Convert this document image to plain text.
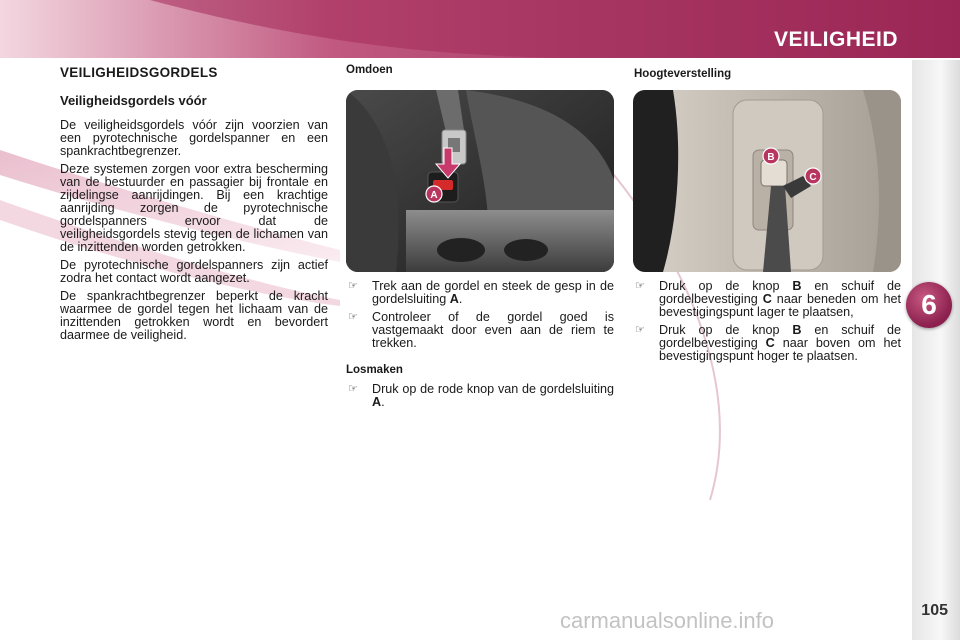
VEILIGHEID
6
VEILIGHEIDSGORDELS
Veiligheidsgordels vóór

De veiligheidsgordels vóór zijn voorzien van een pyrotechnische gordelspanner en een spankrachtbegrenzer.

Deze systemen zorgen voor extra bescherming van de bestuurder en passagier bij frontale en zijdelingse aanrijdingen. Bij een krachtige aanrijding zorgen de pyrotechnische gordelspanners ervoor dat de veiligheidsgordels stevig tegen de lichamen van de inzittenden worden getrokken.

De pyrotechnische gordelspanners zijn actief zodra het contact wordt aangezet.

De spankrachtbegrenzer beperkt de kracht waarmee de gordel tegen het lichaam van de inzittenden getrokken wordt en bevordert daarmee de veiligheid.

Omdoen
A
☞	Trek aan de gordel en steek de gesp in de gordelsluiting A.
☞	Controleer of de gordel goed is vastgemaakt door even aan de riem te trekken.
Losmaken
☞	Druk op de rode knop van de gordelsluiting A.
Hoogteverstelling
B
C
☞	Druk op de knop B en schuif de gordelbevestiging C naar beneden om het bevestigingspunt lager te plaatsen,
☞	Druk op de knop B en schuif de gordelbevestiging C naar boven om het bevestigingspunt hoger te plaatsen.
105
carmanualsonline.info
